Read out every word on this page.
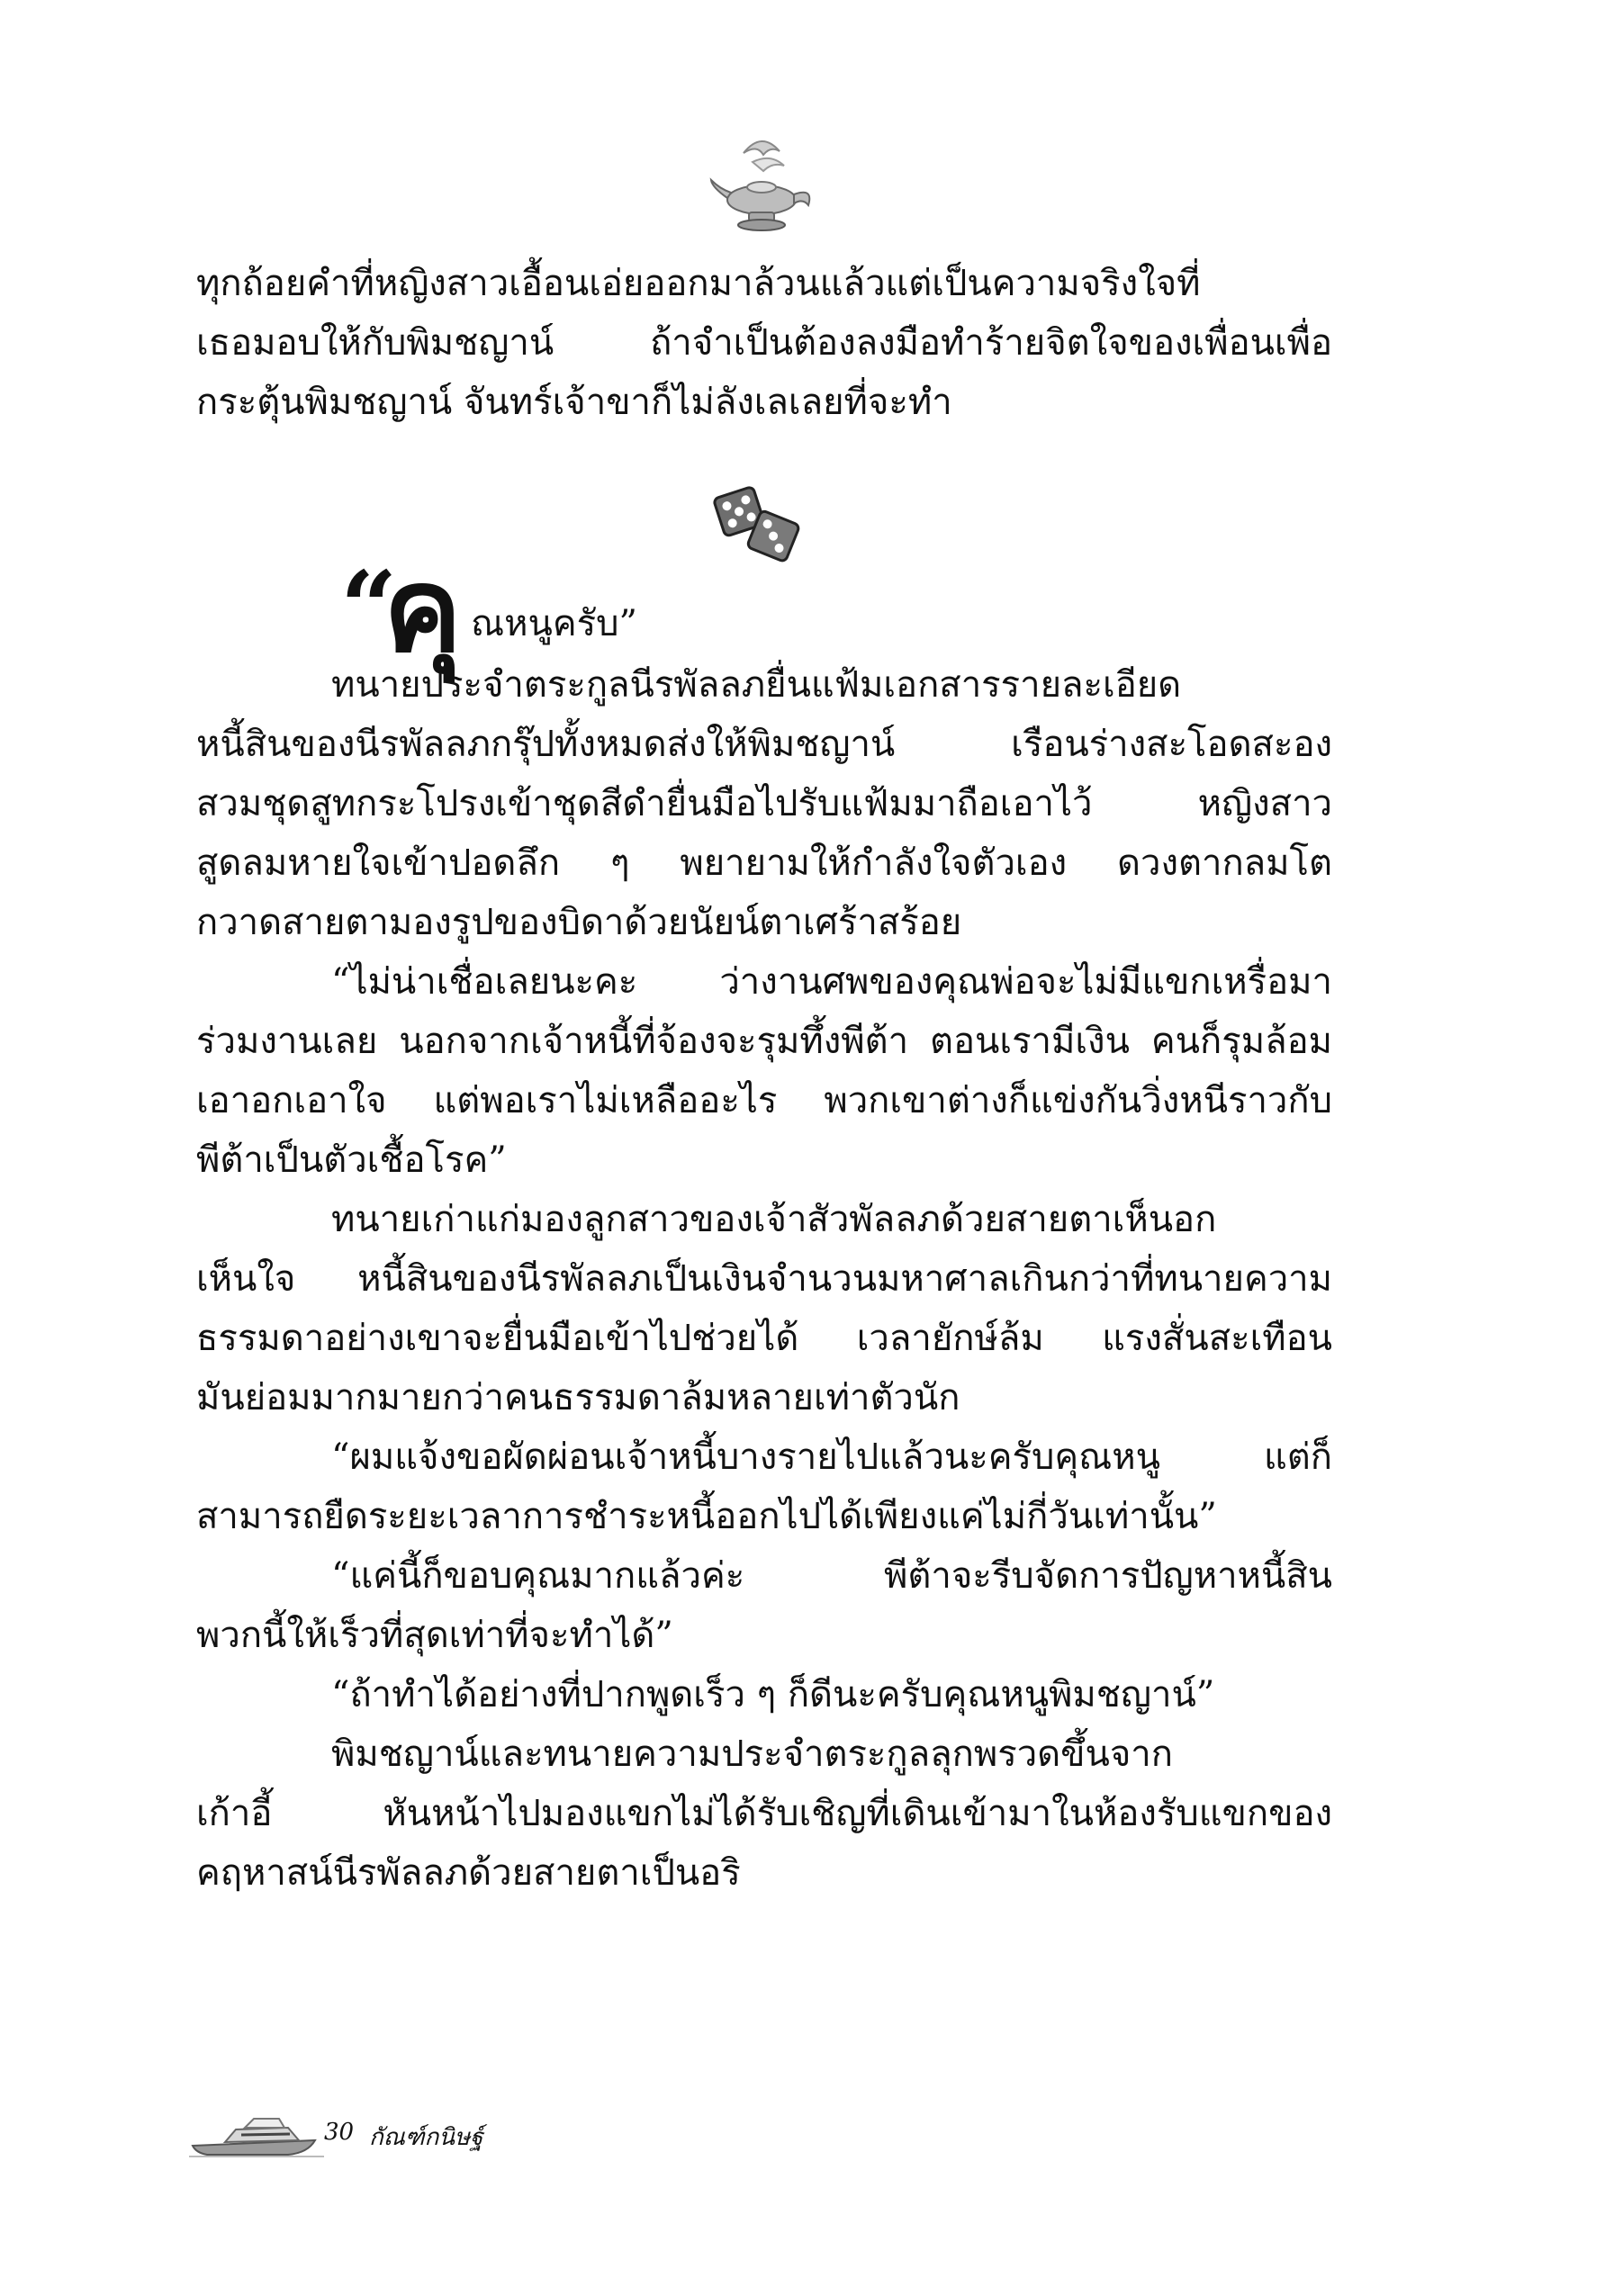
ทุกถ้อยคำที่หญิงสาวเอื้อนเอ่ยออกมาล้วนแล้วแต่เป็นความจริงใจที่
เธอมอบให้กับพิมชญาน์ ถ้าจำเป็นต้องลงมือทำร้ายจิตใจของเพื่อนเพื่อ
กระตุ้นพิมชญาน์ จันทร์เจ้าขาก็ไม่ลังเลเลยที่จะทำ
“
คุ ณหนูครับ”
ทนายประจำตระกูลนีรพัลลภยื่นแฟ้มเอกสารรายละเอียด
หนี้สินของนีรพัลลภกรุ๊ปทั้งหมดส่งให้พิมชญาน์ เรือนร่างสะโอดสะอง
สวมชุดสูทกระโปรงเข้าชุดสีดำยื่นมือไปรับแฟ้มมาถือเอาไว้ หญิงสาว
สูดลมหายใจเข้าปอดลึก ๆ พยายามให้กำลังใจตัวเอง ดวงตากลมโต
กวาดสายตามองรูปของบิดาด้วยนัยน์ตาเศร้าสร้อย
“ไม่น่าเชื่อเลยนะคะ ว่างานศพของคุณพ่อจะไม่มีแขกเหรื่อมา
ร่วมงานเลย นอกจากเจ้าหนี้ที่จ้องจะรุมทึ้งพีต้า ตอนเรามีเงิน คนก็รุมล้อม
เอาอกเอาใจ แต่พอเราไม่เหลืออะไร พวกเขาต่างก็แข่งกันวิ่งหนีราวกับ
พีต้าเป็นตัวเชื้อโรค”
ทนายเก่าแก่มองลูกสาวของเจ้าสัวพัลลภด้วยสายตาเห็นอก
เห็นใจ หนี้สินของนีรพัลลภเป็นเงินจำนวนมหาศาลเกินกว่าที่ทนายความ
ธรรมดาอย่างเขาจะยื่นมือเข้าไปช่วยได้ เวลายักษ์ล้ม แรงสั่นสะเทือน
มันย่อมมากมายกว่าคนธรรมดาล้มหลายเท่าตัวนัก
“ผมแจ้งขอผัดผ่อนเจ้าหนี้บางรายไปแล้วนะครับคุณหนู แต่ก็
สามารถยืดระยะเวลาการชำระหนี้ออกไปได้เพียงแค่ไม่กี่วันเท่านั้น”
“แค่นี้ก็ขอบคุณมากแล้วค่ะ พีต้าจะรีบจัดการปัญหาหนี้สิน
พวกนี้ให้เร็วที่สุดเท่าที่จะทำได้”
“ถ้าทำได้อย่างที่ปากพูดเร็ว ๆ ก็ดีนะครับคุณหนูพิมชญาน์”
พิมชญาน์และทนายความประจำตระกูลลุกพรวดขึ้นจาก
เก้าอี้ หันหน้าไปมองแขกไม่ได้รับเชิญที่เดินเข้ามาในห้องรับแขกของ
คฤหาสน์นีรพัลลภด้วยสายตาเป็นอริ
30 กัณฑ์กนิษฐ์
